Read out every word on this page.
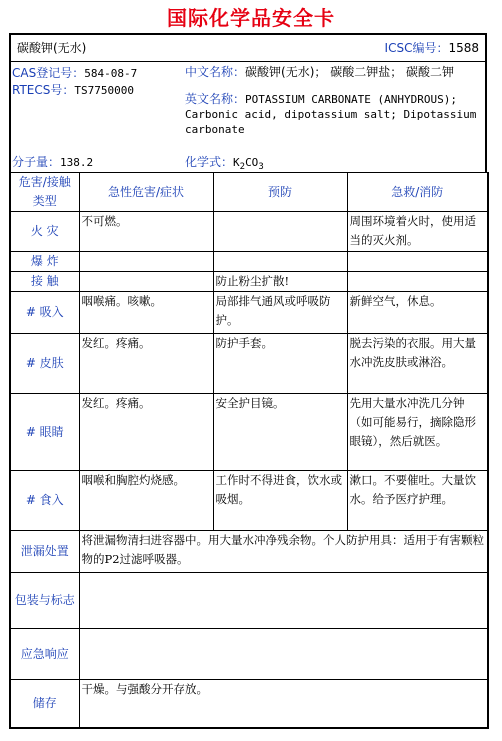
国际化学品安全卡
碳酸钾(无水)	ICSC编号：1588
CAS登记号：584-08-7
RTECS号：TS7750000
中文名称：碳酸钾(无水)； 碳酸二钾盐； 碳酸二钾
英文名称：POTASSIUM CARBONATE (ANHYDROUS); Carbonic acid, dipotassium salt; Dipotassium carbonate
分子量：138.2	化学式：$K_2CO_3$
危害/接触类型	急性危害/症状	预防	急救/消防
火 灾	不可燃。		周围环境着火时，使用适当的灭火剂。
爆 炸			
接 触		防止粉尘扩散!	
# 吸入	咽喉痛。咳嗽。	局部排气通风或呼吸防护。	新鲜空气，休息。
# 皮肤	发红。疼痛。	防护手套。	脱去污染的衣服。用大量水冲洗皮肤或淋浴。
# 眼睛	发红。疼痛。	安全护目镜。	先用大量水冲洗几分钟（如可能易行，摘除隐形眼镜），然后就医。
# 食入	咽喉和胸腔灼烧感。	工作时不得进食，饮水或吸烟。	漱口。不要催吐。大量饮水。给予医疗护理。
泄漏处置	将泄漏物清扫进容器中。用大量水冲净残余物。个人防护用具：适用于有害颗粒物的P2过滤呼吸器。		
包装与标志			
应急响应			
储存	干燥。与强酸分开存放。		
